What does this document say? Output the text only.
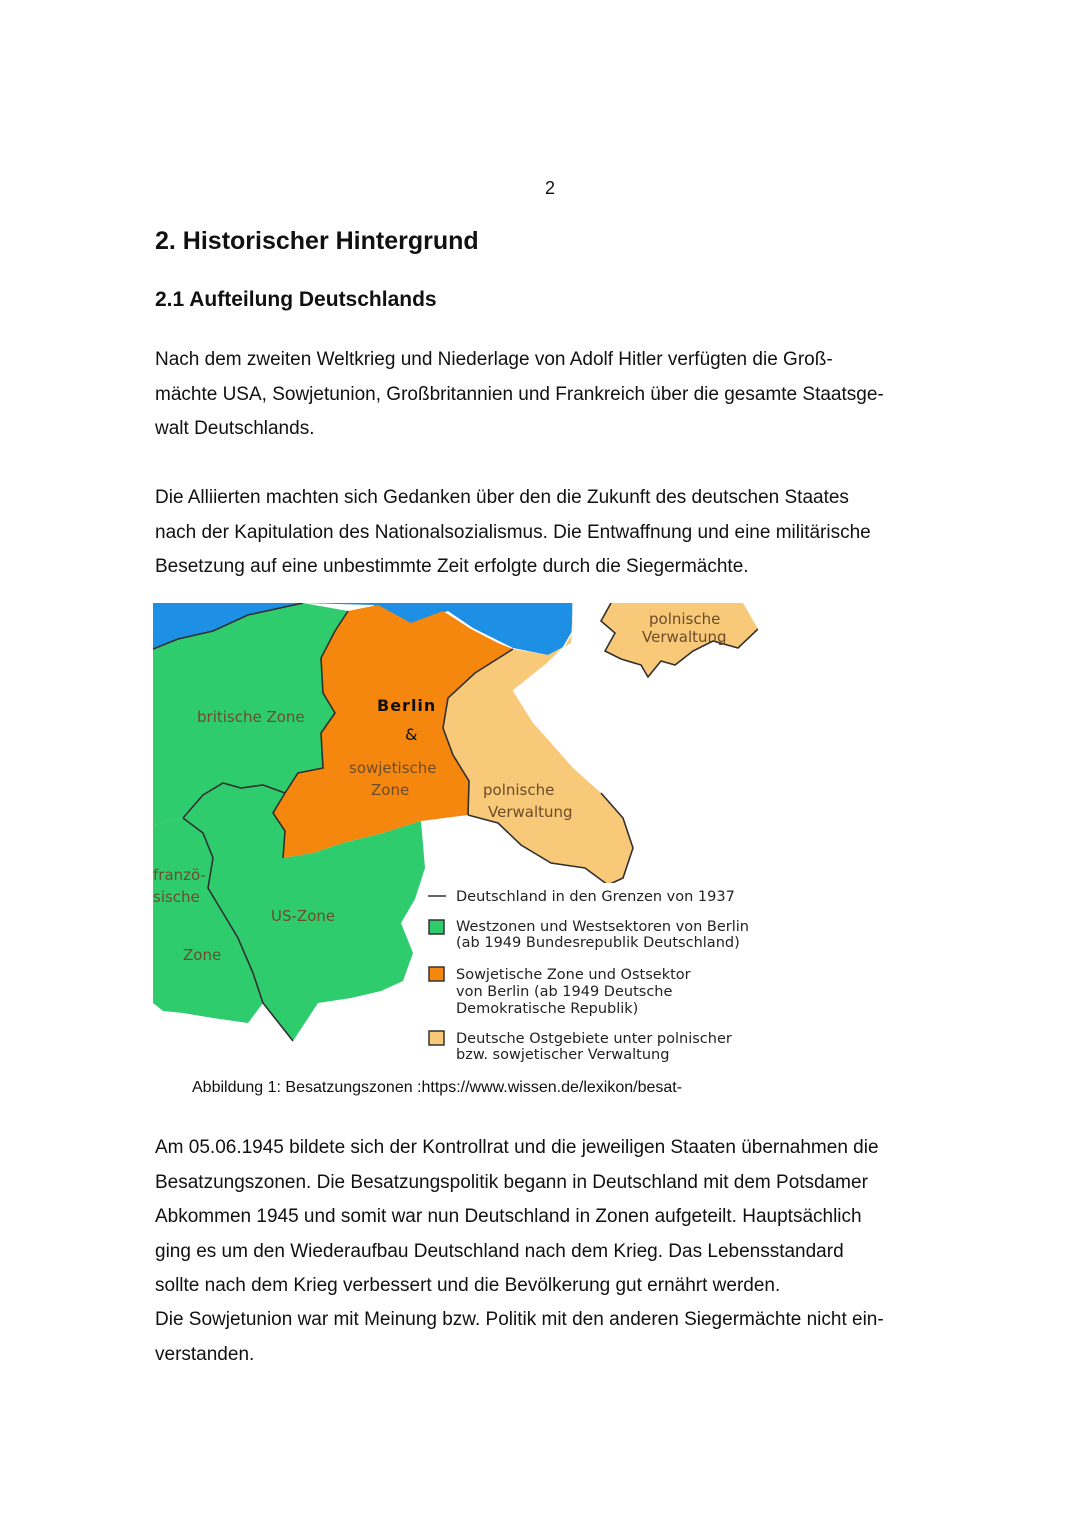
2
2. Historischer Hintergrund
2.1 Aufteilung Deutschlands

Nach dem zweiten Weltkrieg und Niederlage von Adolf Hitler verfügten die Groß-
mächte USA, Sowjetunion, Großbritannien und Frankreich über die gesamte Staatsge-
walt Deutschlands.

Die Alliierten machten sich Gedanken über den die Zukunft des deutschen Staates
nach der Kapitulation des Nationalsozialismus. Die Entwaffnung und eine militärische
Besetzung auf eine unbestimmte Zeit erfolgte durch die Siegermächte.

&
britische Zone
sowjetische
Zone	polnische
Verwaltung
polnische
Verwaltung
franzö-
sische
Zone
US-Zone
Berlin
Deutschland in den Grenzen von 1937
Westzonen und Westsektoren von Berlin
(ab 1949 Bundesrepublik Deutschland)
Sowjetische Zone und Ostsektor
von Berlin (ab 1949 Deutsche
Demokratische Republik)
Deutsche Ostgebiete unter polnischer
bzw. sowjetischer Verwaltung

Abbildung 1: Besatzungszonen :https://www.wissen.de/lexikon/besat-

Am 05.06.1945 bildete sich der Kontrollrat und die jeweiligen Staaten übernahmen die
Besatzungszonen. Die Besatzungspolitik begann in Deutschland mit dem Potsdamer
Abkommen 1945 und somit war nun Deutschland in Zonen aufgeteilt. Hauptsächlich
ging es um den Wiederaufbau Deutschland nach dem Krieg. Das Lebensstandard
sollte nach dem Krieg verbessert und die Bevölkerung gut ernährt werden.

Die Sowjetunion war mit Meinung bzw. Politik mit den anderen Siegermächte nicht ein-
verstanden.
